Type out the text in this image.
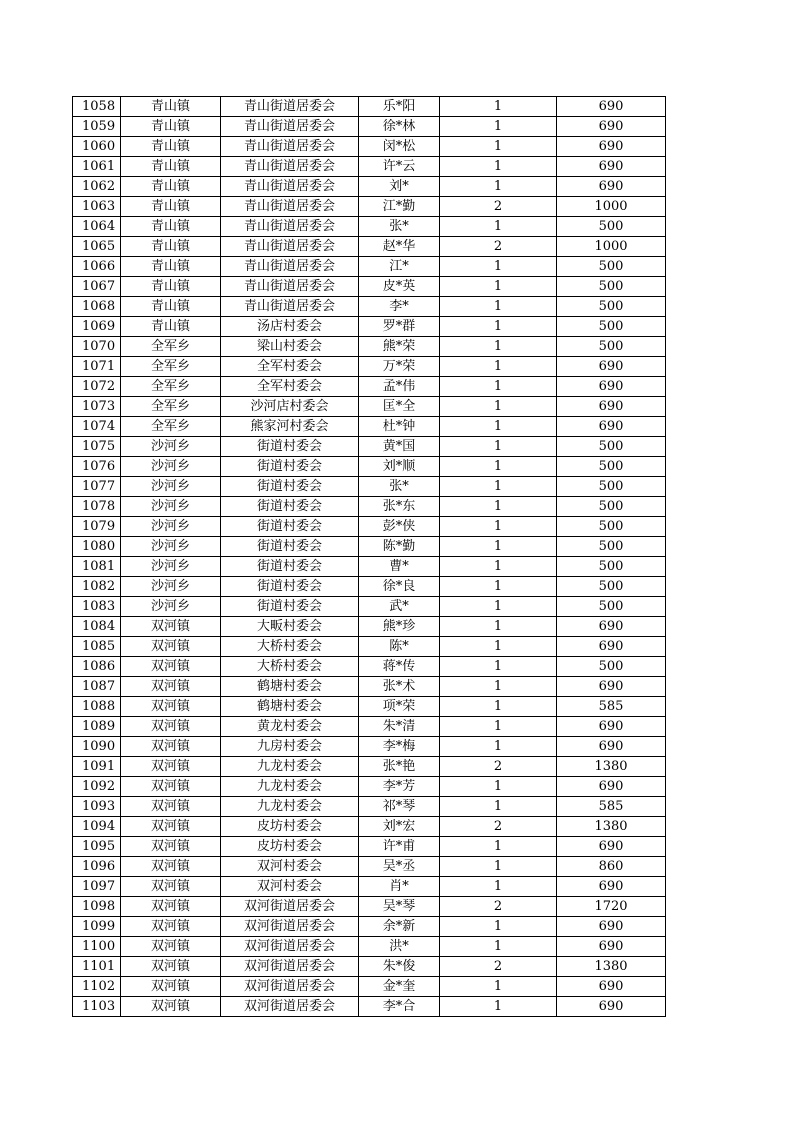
1058	青山镇	青山街道居委会	乐*阳	1	690
1059	青山镇	青山街道居委会	徐*林	1	690
1060	青山镇	青山街道居委会	闵*松	1	690
1061	青山镇	青山街道居委会	许*云	1	690
1062	青山镇	青山街道居委会	刘*	1	690
1063	青山镇	青山街道居委会	江*勤	2	1000
1064	青山镇	青山街道居委会	张*	1	500
1065	青山镇	青山街道居委会	赵*华	2	1000
1066	青山镇	青山街道居委会	江*	1	500
1067	青山镇	青山街道居委会	皮*英	1	500
1068	青山镇	青山街道居委会	李*	1	500
1069	青山镇	汤店村委会	罗*群	1	500
1070	全军乡	梁山村委会	熊*荣	1	500
1071	全军乡	全军村委会	万*荣	1	690
1072	全军乡	全军村委会	孟*伟	1	690
1073	全军乡	沙河店村委会	匡*全	1	690
1074	全军乡	熊家河村委会	杜*钟	1	690
1075	沙河乡	街道村委会	黄*国	1	500
1076	沙河乡	街道村委会	刘*顺	1	500
1077	沙河乡	街道村委会	张*	1	500
1078	沙河乡	街道村委会	张*东	1	500
1079	沙河乡	街道村委会	彭*侠	1	500
1080	沙河乡	街道村委会	陈*勤	1	500
1081	沙河乡	街道村委会	曹*	1	500
1082	沙河乡	街道村委会	徐*良	1	500
1083	沙河乡	街道村委会	武*	1	500
1084	双河镇	大畈村委会	熊*珍	1	690
1085	双河镇	大桥村委会	陈*	1	690
1086	双河镇	大桥村委会	蒋*传	1	500
1087	双河镇	鹤塘村委会	张*术	1	690
1088	双河镇	鹤塘村委会	项*荣	1	585
1089	双河镇	黄龙村委会	朱*清	1	690
1090	双河镇	九房村委会	李*梅	1	690
1091	双河镇	九龙村委会	张*艳	2	1380
1092	双河镇	九龙村委会	李*芳	1	690
1093	双河镇	九龙村委会	祁*琴	1	585
1094	双河镇	皮坊村委会	刘*宏	2	1380
1095	双河镇	皮坊村委会	许*甫	1	690
1096	双河镇	双河村委会	吴*丞	1	860
1097	双河镇	双河村委会	肖*	1	690
1098	双河镇	双河街道居委会	吴*琴	2	1720
1099	双河镇	双河街道居委会	余*新	1	690
1100	双河镇	双河街道居委会	洪*	1	690
1101	双河镇	双河街道居委会	朱*俊	2	1380
1102	双河镇	双河街道居委会	金*奎	1	690
1103	双河镇	双河街道居委会	李*合	1	690
